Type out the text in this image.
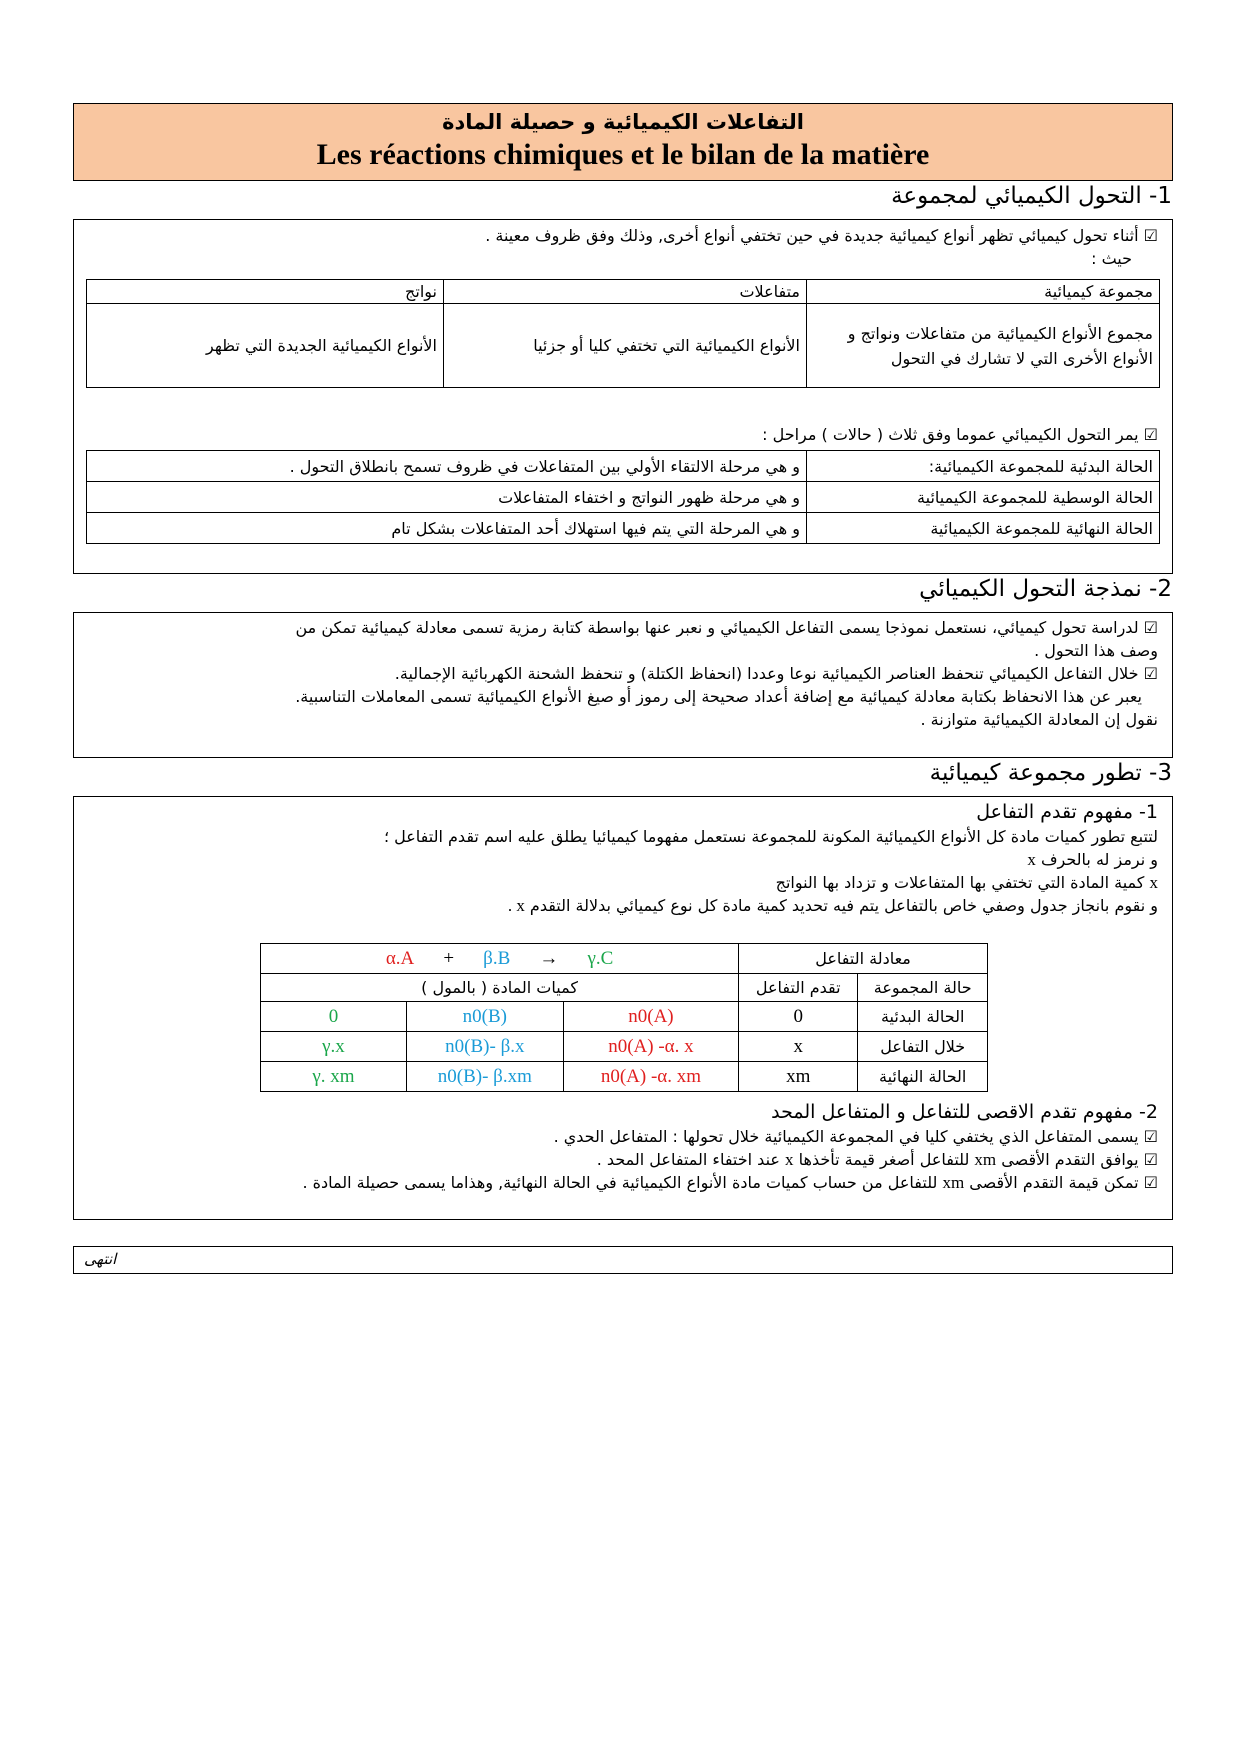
التفاعلات الكيميائية و حصيلة المادة
Les réactions chimiques et le bilan de la matière
1- التحول الكيميائي لمجموعة
☑ أثناء تحول كيميائي تظهر أنواع كيميائية جديدة في حين تختفي أنواع أخرى, وذلك وفق ظروف معينة .
حيث :
مجموعة كيميائية	متفاعلات	نواتج
مجموع الأنواع الكيميائية من متفاعلات ونواتج و الأنواع الأخرى التي لا تشارك في التحول	الأنواع الكيميائية التي تختفي كليا أو جزئيا	الأنواع الكيميائية الجديدة التي تظهر
☑ يمر التحول الكيميائي عموما وفق ثلاث ( حالات ) مراحل :
الحالة البدئية للمجموعة الكيميائية:	و هي مرحلة الالتقاء الأولي بين المتفاعلات في ظروف تسمح بانطلاق التحول .
الحالة الوسطية للمجموعة الكيميائية	و هي مرحلة ظهور النواتج و اختفاء المتفاعلات
الحالة النهائية للمجموعة الكيميائية	و هي المرحلة التي يتم فيها استهلاك أحد المتفاعلات بشكل تام
2- نمذجة التحول الكيميائي
☑ لدراسة تحول كيميائي، نستعمل نموذجا يسمى التفاعل الكيميائي و نعبر عنها بواسطة كتابة رمزية تسمى معادلة كيميائية تمكن من
وصف هذا التحول .
☑ خلال التفاعل الكيميائي تنحفظ العناصر الكيميائية نوعا وعددا (انحفاظ الكتلة) و تنحفظ الشحنة الكهربائية الإجمالية.
يعبر عن هذا الانحفاظ بكتابة معادلة كيميائية مع إضافة أعداد صحيحة إلى رموز أو صيغ الأنواع الكيميائية تسمى المعاملات التناسبية.
نقول إن المعادلة الكيميائية متوازنة .
3- تطور مجموعة كيميائية
1- مفهوم تقدم التفاعل
لتتبع تطور كميات مادة كل الأنواع الكيميائية المكونة للمجموعة نستعمل مفهوما كيميائيا يطلق عليه اسم تقدم التفاعل ؛
و نرمز له بالحرف x
x كمية المادة التي تختفي بها المتفاعلات و تزداد بها النواتج
و نقوم بانجاز جدول وصفي خاص بالتفاعل يتم فيه تحديد كمية مادة كل نوع كيميائي بدلالة التقدم x .
α.A + β.B → γ.C			معادلة التفاعل	
كميات المادة ( بالمول )			تقدم التفاعل	حالة المجموعة
0	n0(B)	n0(A)	0	الحالة البدئية
γ.x	n0(B)- β.x	n0(A) -α. x	x	خلال التفاعل
γ. xm	n0(B)- β.xm	n0(A) -α. xm	xm	الحالة النهائية
2- مفهوم تقدم الاقصى للتفاعل و المتفاعل المحد
☑ يسمى المتفاعل الذي يختفي كليا في المجموعة الكيميائية خلال تحولها : المتفاعل الحدي .
☑ يوافق التقدم الأقصى xm للتفاعل أصغر قيمة تأخذها x عند اختفاء المتفاعل المحد .
☑ تمكن قيمة التقدم الأقصى xm للتفاعل من حساب كميات مادة الأنواع الكيميائية في الحالة النهائية, وهذاما يسمى حصيلة المادة .
انتهى
